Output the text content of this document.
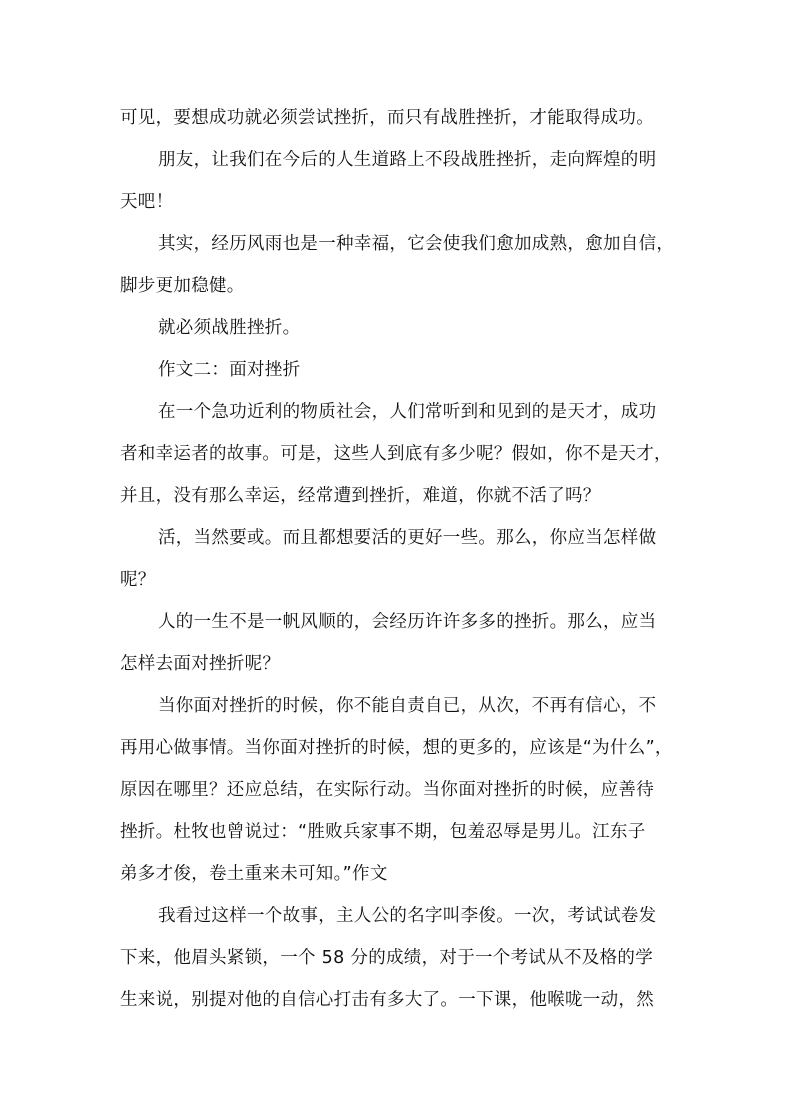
可见，要想成功就必须尝试挫折，而只有战胜挫折，才能取得成功。
朋友，让我们在今后的人生道路上不段战胜挫折，走向辉煌的明
天吧！
其实，经历风雨也是一种幸福，它会使我们愈加成熟，愈加自信，
脚步更加稳健。
就必须战胜挫折。
作文二：面对挫折
在一个急功近利的物质社会，人们常听到和见到的是天才，成功
者和幸运者的故事。可是，这些人到底有多少呢？假如，你不是天才，
并且，没有那么幸运，经常遭到挫折，难道，你就不活了吗？
活，当然要或。而且都想要活的更好一些。那么，你应当怎样做
呢？
人的一生不是一帆风顺的，会经历许许多多的挫折。那么，应当
怎样去面对挫折呢？
当你面对挫折的时候，你不能自责自已，从次，不再有信心，不
再用心做事情。当你面对挫折的时候，想的更多的，应该是“为什么”，
原因在哪里？还应总结，在实际行动。当你面对挫折的时候，应善待
挫折。杜牧也曾说过：“胜败兵家事不期，包羞忍辱是男儿。江东子
弟多才俊，卷土重来未可知。”作文
我看过这样一个故事，主人公的名字叫李俊。一次，考试试卷发
下来，他眉头紧锁，一个 58 分的成绩，对于一个考试从不及格的学
生来说，别提对他的自信心打击有多大了。一下课，他喉咙一动，然
